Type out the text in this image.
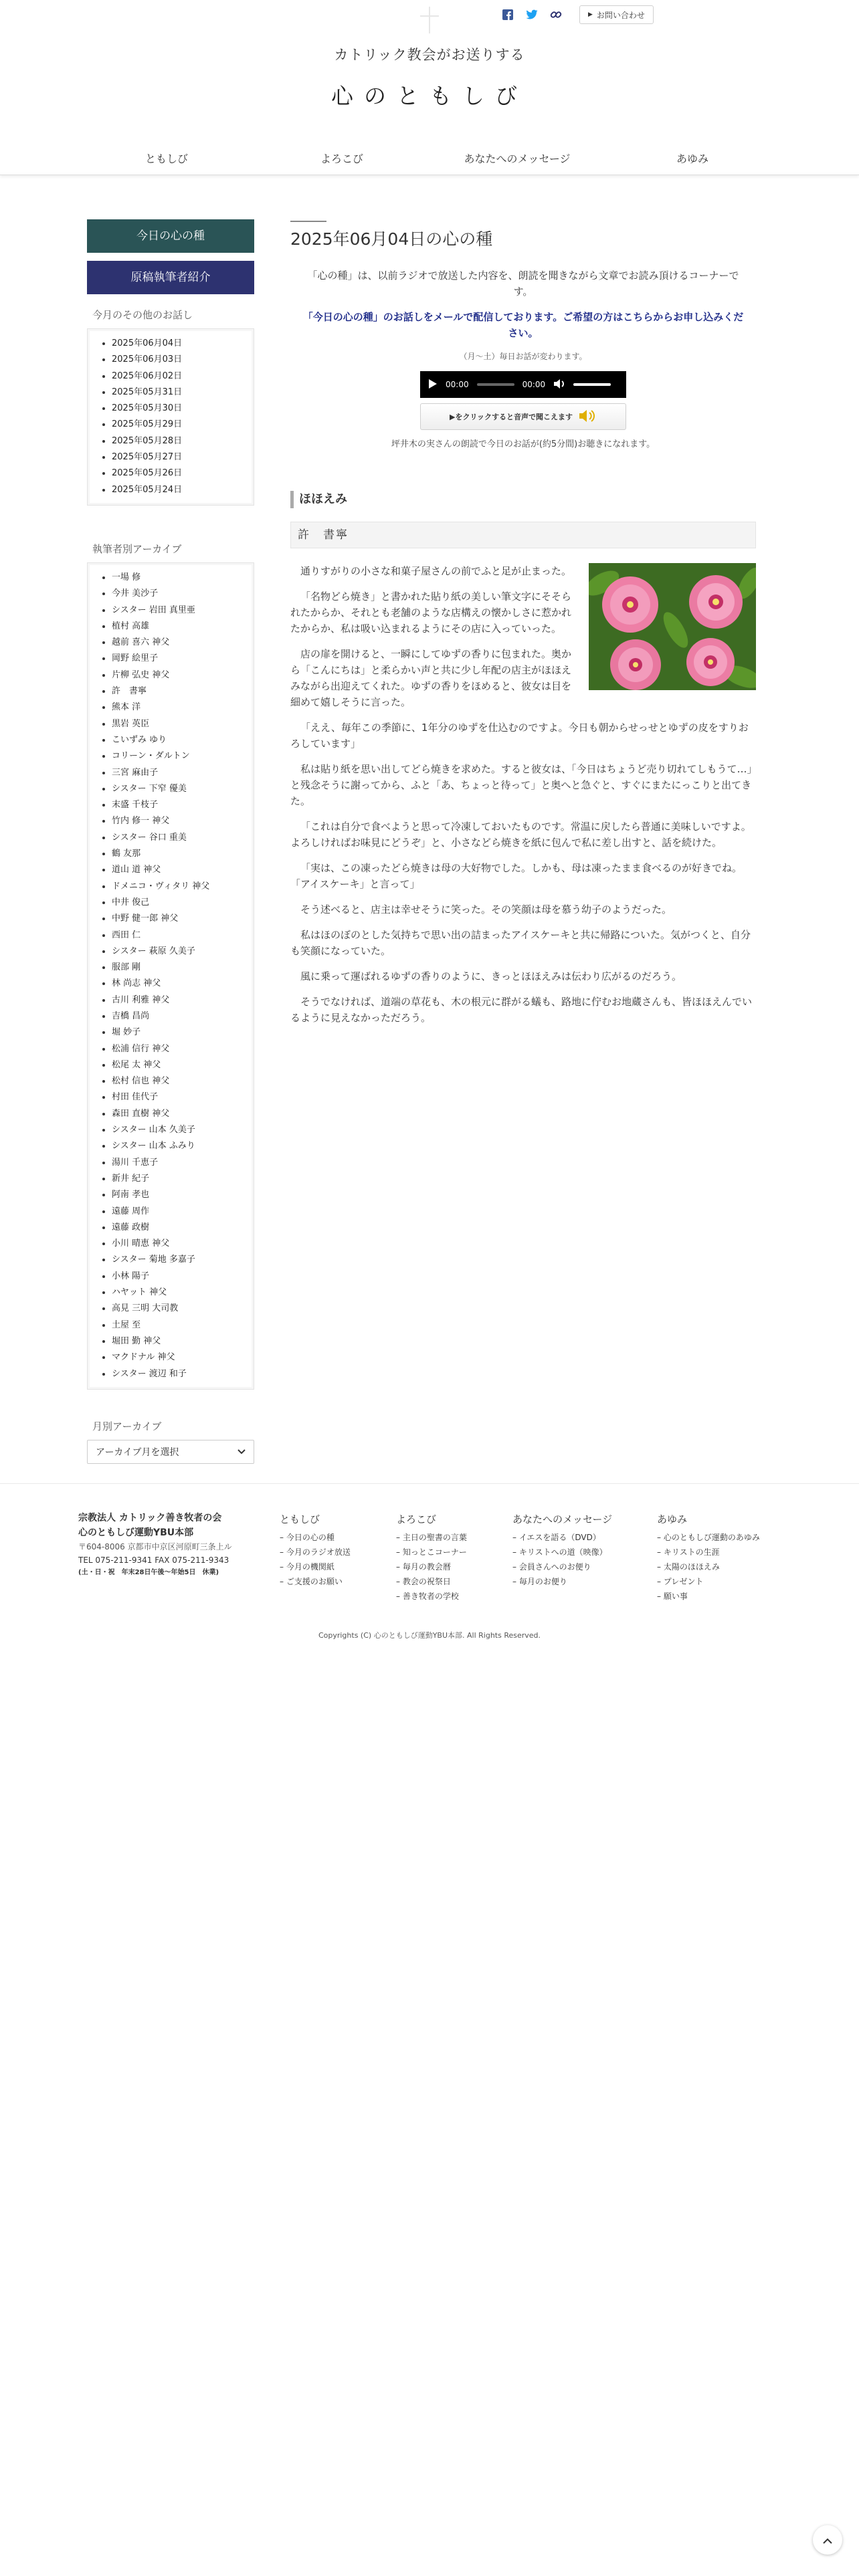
▶ お問い合わせ
カトリック教会がお送りする
心のともしび
ともしび	よろこび	あなたへのメッセージ	あゆみ
今日の心の種
原稿執筆者紹介
今月のその他のお話し
2025年06月04日
2025年06月03日
2025年06月02日
2025年05月31日
2025年05月30日
2025年05月29日
2025年05月28日
2025年05月27日
2025年05月26日
2025年05月24日
執筆者別アーカイブ
一場 修
今井 美沙子
シスター 岩田 真里亜
植村 高雄
越前 喜六 神父
岡野 絵里子
片柳 弘史 神父
許　書寧
熊本 洋
黒岩 英臣
こいずみ ゆり
コリーン・ダルトン
三宮 麻由子
シスター 下窄 優美
末盛 千枝子
竹内 修一 神父
シスター 谷口 重美
鶴 友那
道山 道 神父
ドメニコ・ヴィタリ 神父
中井 俊己
中野 健一郎 神父
西田 仁
シスター 萩原 久美子
服部 剛
林 尚志 神父
古川 利雅 神父
吉橋 昌尚
堀 妙子
松浦 信行 神父
松尾 太 神父
松村 信也 神父
村田 佳代子
森田 直樹 神父
シスター 山本 久美子
シスター 山本 ふみり
湯川 千恵子
新井 紀子
阿南 孝也
遠藤 周作
遠藤 政樹
小川 晴恵 神父
シスター 菊地 多嘉子
小林 陽子
ハヤット 神父
高見 三明 大司教
土屋 至
堀田 勤 神父
マクドナル 神父
シスター 渡辺 和子
月別アーカイブ
アーカイブ月を選択
2025年06月04日の心の種

「心の種」は、以前ラジオで放送した内容を、朗読を聞きながら文章でお読み頂けるコーナーです。

「今日の心の種」のお話しをメールで配信しております。ご希望の方はこちらからお申し込みください。

（月～土）毎日お話が変わります。

00:00	00:00
▶をクリックすると音声で聞こえます

坪井木の実さんの朗読で今日のお話が(約5分間)お聴きになれます。

ほほえみ
許　書寧

通りすがりの小さな和菓子屋さんの前でふと足が止まった。

「名物どら焼き」と書かれた貼り紙の美しい筆文字にそそられたからか、それとも老舗のような店構えの懐かしさに惹かれたからか、私は吸い込まれるようにその店に入っていった。

店の扉を開けると、一瞬にしてゆずの香りに包まれた。奥から「こんにちは」と柔らかい声と共に少し年配の店主がほほえみながら出迎えてくれた。ゆずの香りをほめると、彼女は目を細めて嬉しそうに言った。

「ええ、毎年この季節に、1年分のゆずを仕込むのですよ。今日も朝からせっせとゆずの皮をすりおろしています」

私は貼り紙を思い出してどら焼きを求めた。すると彼女は、「今日はちょうど売り切れてしもうて…」と残念そうに謝ってから、ふと「あ、ちょっと待って」と奥へと急ぐと、すぐにまたにっこりと出てきた。

「これは自分で食べようと思って冷凍しておいたものです。常温に戻したら普通に美味しいですよ。よろしければお味見にどうぞ」と、小さなどら焼きを紙に包んで私に差し出すと、話を続けた。

「実は、この凍ったどら焼きは母の大好物でした。しかも、母は凍ったまま食べるのが好きでね。「アイスケーキ」と言って」

そう述べると、店主は幸せそうに笑った。その笑顔は母を慕う幼子のようだった。

私はほのぼのとした気持ちで思い出の詰まったアイスケーキと共に帰路についた。気がつくと、自分も笑顔になっていた。

風に乗って運ばれるゆずの香りのように、きっとほほえみは伝わり広がるのだろう。

そうでなければ、道端の草花も、木の根元に群がる蟻も、路地に佇むお地蔵さんも、皆ほほえんでいるように見えなかっただろう。

宗教法人 カトリック善き牧者の会
心のともしび運動YBU本部
〒604-8006 京都市中京区河原町三条上ル
TEL 075-211-9341 FAX 075-211-9343
(土・日・祝　年末28日午後〜年始5日　休業)
ともしび
– 今日の心の種
– 今月のラジオ放送
– 今月の機関紙
– ご支援のお願い
よろこび
– 主日の聖書の言葉
– 知っとこコーナー
– 毎月の教会暦
– 教会の祝祭日
– 善き牧者の学校
あなたへのメッセージ
– イエスを語る（DVD）
– キリストへの道（映像）
– 会員さんへのお便り
– 毎月のお便り
あゆみ
– 心のともしび運動のあゆみ
– キリストの生涯
– 太陽のほほえみ
– プレゼント
– 願い事
Copyrights (C) 心のともしび運動YBU本部. All Rights Reserved.
